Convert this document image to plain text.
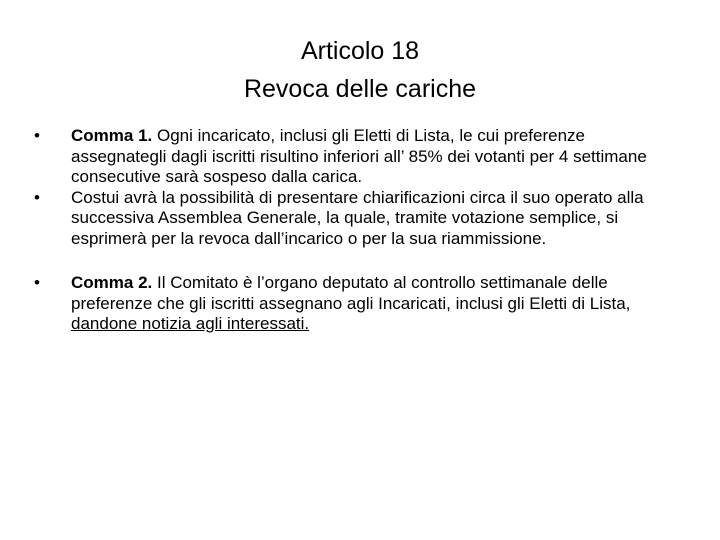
Articolo 18
Revoca delle cariche
•	Comma 1. Ogni incaricato, inclusi gli Eletti di Lista, le cui preferenze assegnategli dagli iscritti risultino inferiori all’ 85% dei votanti per 4 settimane consecutive sarà sospeso dalla carica.
•	Costui avrà la possibilità di presentare chiarificazioni circa il suo operato alla successiva Assemblea Generale, la quale, tramite votazione semplice, si esprimerà per la revoca dall’incarico o per la sua riammissione.
•	Comma 2. Il Comitato è l’organo deputato al controllo settimanale delle preferenze che gli iscritti assegnano agli Incaricati, inclusi gli Eletti di Lista, dandone notizia agli interessati.
